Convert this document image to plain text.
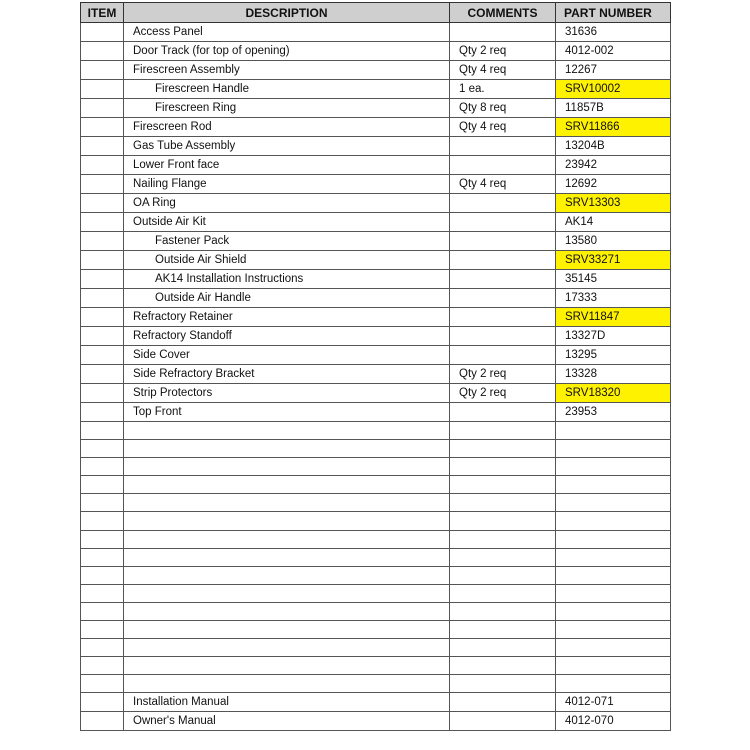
ITEM	DESCRIPTION	COMMENTS	PART NUMBER
	Access Panel		31636
	Door Track (for top of opening)	Qty 2 req	4012-002
	Firescreen Assembly	Qty 4 req	12267
	Firescreen Handle	1 ea.	SRV10002
	Firescreen Ring	Qty 8 req	11857B
	Firescreen Rod	Qty 4 req	SRV11866
	Gas Tube Assembly		13204B
	Lower Front face		23942
	Nailing Flange	Qty 4 req	12692
	OA Ring		SRV13303
	Outside Air Kit		AK14
	Fastener Pack		13580
	Outside Air Shield		SRV33271
	AK14 Installation Instructions		35145
	Outside Air Handle		17333
	Refractory Retainer		SRV11847
	Refractory Standoff		13327D
	Side Cover		13295
	Side Refractory Bracket	Qty 2 req	13328
	Strip Protectors	Qty 2 req	SRV18320
	Top Front		23953

	Installation Manual		4012-071
	Owner's Manual		4012-070
